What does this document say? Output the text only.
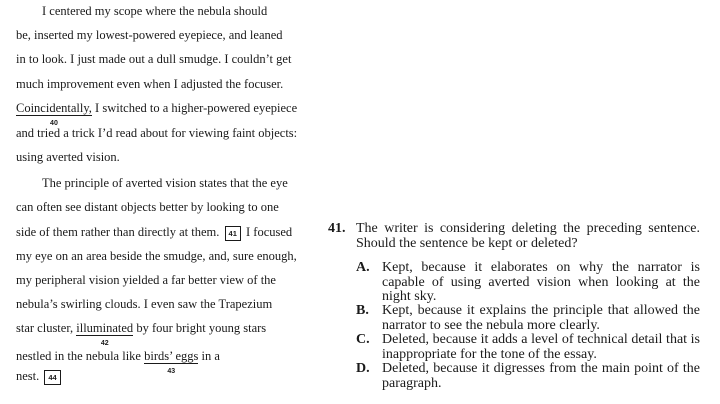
I centered my scope where the nebula should
be, inserted my lowest-powered eyepiece, and leaned
in to look. I just made out a dull smudge. I couldn’t get
much improvement even when I adjusted the focuser.
Coincidentally,
40
I switched to a higher-powered eyepiece
and tried a trick I’d read about for viewing faint objects:
using averted vision.
The principle of averted vision states that the eye
can often see distant objects better by looking to one
side of them rather than directly at them. 41 I focused
my eye on an area beside the smudge, and, sure enough,
my peripheral vision yielded a far better view of the
nebula’s swirling clouds. I even saw the Trapezium
star cluster, illuminated
42
by four bright young stars
nestled in the nebula like birds’ eggs
43
in a
nest. 44
41. The writer is considering deleting the preceding sentence. Should the sentence be kept or deleted?
A. Kept, because it elaborates on why the narrator is capable of using averted vision when looking at the night sky.
B. Kept, because it explains the principle that allowed the narrator to see the nebula more clearly.
C. Deleted, because it adds a level of technical detail that is inappropriate for the tone of the essay.
D. Deleted, because it digresses from the main point of the paragraph.
